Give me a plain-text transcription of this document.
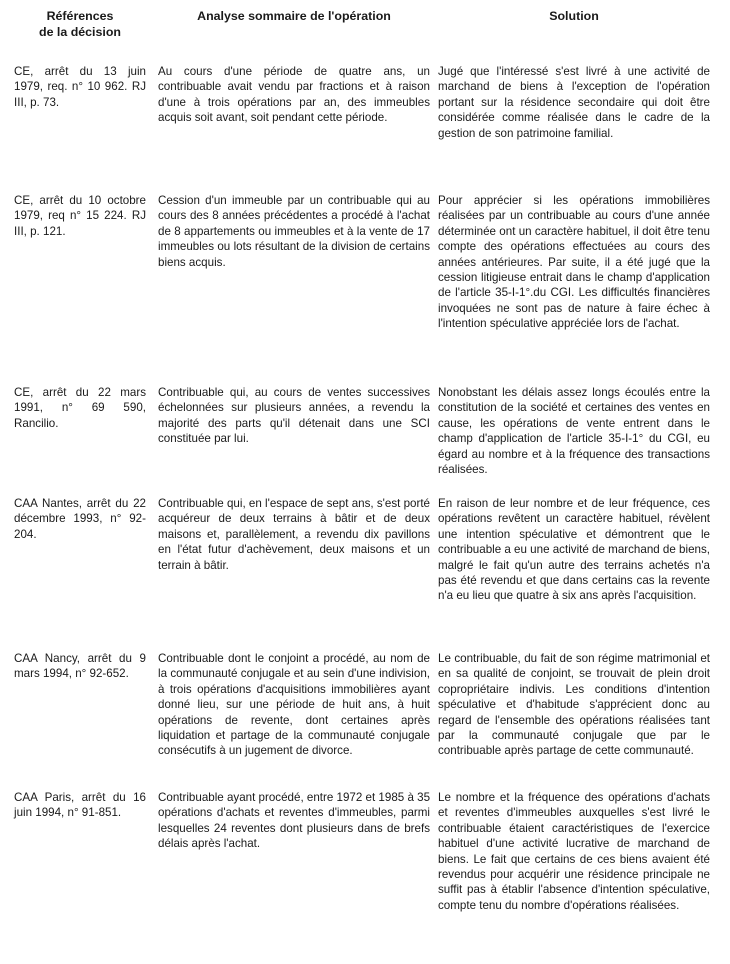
Références
de la décision
Analyse sommaire de l'opération	Solution
CE, arrêt du 13 juin 1979, req. n° 10 962. RJ III, p. 73.
Au cours d'une période de quatre ans, un contribuable avait vendu par fractions et à raison d'une à trois opérations par an, des immeubles acquis soit avant, soit pendant cette période.
Jugé que l'intéressé s'est livré à une activité de marchand de biens à l'exception de l'opération portant sur la résidence secondaire qui doit être considérée comme réalisée dans le cadre de la gestion de son patrimoine familial.
CE, arrêt du 10 octobre 1979, req n° 15 224. RJ III, p. 121.
Cession d'un immeuble par un contribuable qui au cours des 8 années précédentes a procédé à l'achat de 8 appartements ou immeubles et à la vente de 17 immeubles ou lots résultant de la division de certains biens acquis.
Pour apprécier si les opérations immobilières réalisées par un contribuable au cours d'une année déterminée ont un caractère habituel, il doit être tenu compte des opérations effectuées au cours des années antérieures. Par suite, il a été jugé que la cession litigieuse entrait dans le champ d'application de l'article 35-I-1°.du CGI. Les difficultés financières invoquées ne sont pas de nature à faire échec à l'intention spéculative appréciée lors de l'achat.
CE, arrêt du 22 mars 1991, n° 69 590, Rancilio.
Contribuable qui, au cours de ventes successives échelonnées sur plusieurs années, a revendu la majorité des parts qu'il détenait dans une SCI constituée par lui.
Nonobstant les délais assez longs écoulés entre la constitution de la société et certaines des ventes en cause, les opérations de vente entrent dans le champ d'application de l'article 35-I-1° du CGI, eu égard au nombre et à la fréquence des transactions réalisées.
CAA Nantes, arrêt du 22 décembre 1993, n° 92-204.
Contribuable qui, en l'espace de sept ans, s'est porté acquéreur de deux terrains à bâtir et de deux maisons et, parallèlement, a revendu dix pavillons en l'état futur d'achèvement, deux maisons et un terrain à bâtir.
En raison de leur nombre et de leur fréquence, ces opérations revêtent un caractère habituel, révèlent une intention spéculative et démontrent que le contribuable a eu une activité de marchand de biens, malgré le fait qu'un autre des terrains achetés n'a pas été revendu et que dans certains cas la revente n'a eu lieu que quatre à six ans après l'acquisition.
CAA Nancy, arrêt du 9 mars 1994, n° 92-652.
Contribuable dont le conjoint a procédé, au nom de la communauté conjugale et au sein d'une indivision, à trois opérations d'acquisitions immobilières ayant donné lieu, sur une période de huit ans, à huit opérations de revente, dont certaines après liquidation et partage de la communauté conjugale consécutifs à un jugement de divorce.
Le contribuable, du fait de son régime matrimonial et en sa qualité de conjoint, se trouvait de plein droit copropriétaire indivis. Les conditions d'intention spéculative et d'habitude s'apprécient donc au regard de l'ensemble des opérations réalisées tant par la communauté conjugale que par le contribuable après partage de cette communauté.
CAA Paris, arrêt du 16 juin 1994, n° 91-851.
Contribuable ayant procédé, entre 1972 et 1985 à 35 opérations d'achats et reventes d'immeubles, parmi lesquelles 24 reventes dont plusieurs dans de brefs délais après l'achat.
Le nombre et la fréquence des opérations d'achats et reventes d'immeubles auxquelles s'est livré le contribuable étaient caractéristiques de l'exercice habituel d'une activité lucrative de marchand de biens. Le fait que certains de ces biens avaient été revendus pour acquérir une résidence principale ne suffit pas à établir l'absence d'intention spéculative, compte tenu du nombre d'opérations réalisées.
